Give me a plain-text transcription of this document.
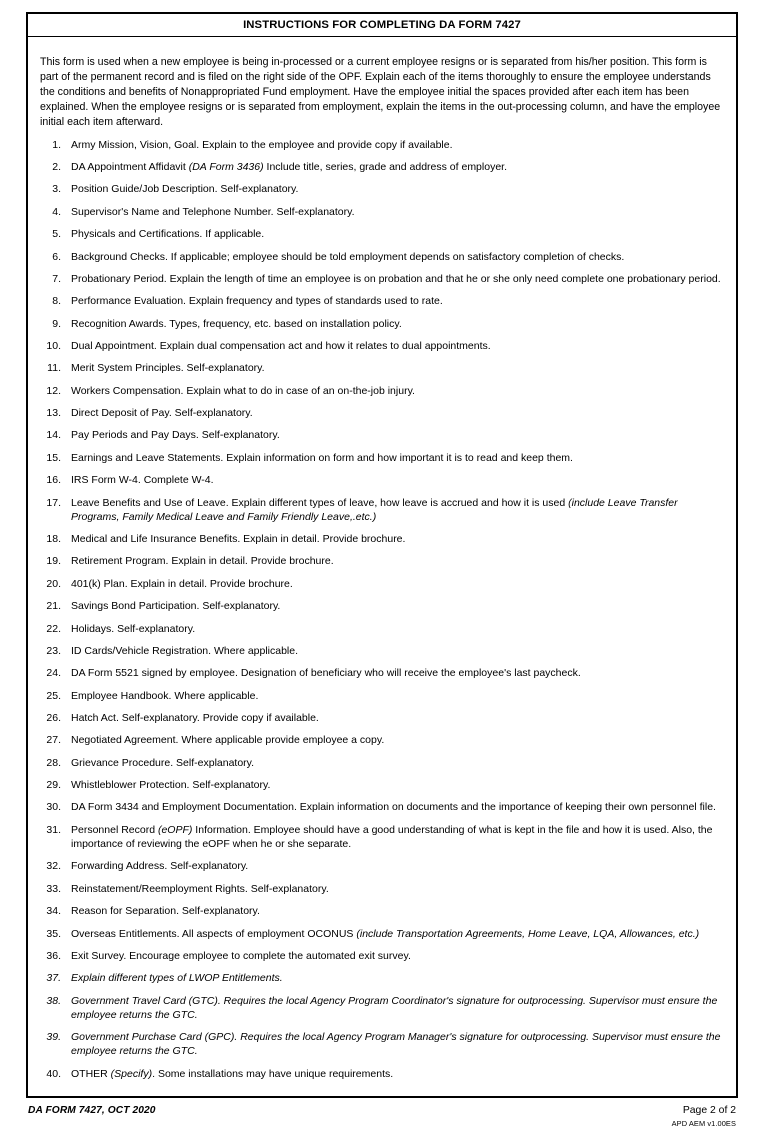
INSTRUCTIONS FOR COMPLETING DA FORM 7427

This form is used when a new employee is being in-processed or a current employee resigns or is separated from his/her position. This form is part of the permanent record and is filed on the right side of the OPF. Explain each of the items thoroughly to ensure the employee understands the conditions and benefits of Nonappropriated Fund employment. Have the employee initial the spaces provided after each item has been explained. When the employee resigns or is separated from employment, explain the items in the out-processing column, and have the employee initial each item afterward.

1. Army Mission, Vision, Goal. Explain to the employee and provide copy if available.
2. DA Appointment Affidavit (DA Form 3436) Include title, series, grade and address of employer.
3. Position Guide/Job Description. Self-explanatory.
4. Supervisor's Name and Telephone Number. Self-explanatory.
5. Physicals and Certifications. If applicable.
6. Background Checks. If applicable; employee should be told employment depends on satisfactory completion of checks.
7. Probationary Period. Explain the length of time an employee is on probation and that he or she only need complete one probationary period.
8. Performance Evaluation. Explain frequency and types of standards used to rate.
9. Recognition Awards. Types, frequency, etc. based on installation policy.
10. Dual Appointment. Explain dual compensation act and how it relates to dual appointments.
11. Merit System Principles. Self-explanatory.
12. Workers Compensation. Explain what to do in case of an on-the-job injury.
13. Direct Deposit of Pay. Self-explanatory.
14. Pay Periods and Pay Days. Self-explanatory.
15. Earnings and Leave Statements. Explain information on form and how important it is to read and keep them.
16. IRS Form W-4. Complete W-4.
17. Leave Benefits and Use of Leave. Explain different types of leave, how leave is accrued and how it is used (include Leave Transfer Programs, Family Medical Leave and Family Friendly Leave,.etc.)
18. Medical and Life Insurance Benefits. Explain in detail. Provide brochure.
19. Retirement Program. Explain in detail. Provide brochure.
20. 401(k) Plan. Explain in detail. Provide brochure.
21. Savings Bond Participation. Self-explanatory.
22. Holidays. Self-explanatory.
23. ID Cards/Vehicle Registration. Where applicable.
24. DA Form 5521 signed by employee. Designation of beneficiary who will receive the employee's last paycheck.
25. Employee Handbook. Where applicable.
26. Hatch Act. Self-explanatory. Provide copy if available.
27. Negotiated Agreement. Where applicable provide employee a copy.
28. Grievance Procedure. Self-explanatory.
29. Whistleblower Protection. Self-explanatory.
30. DA Form 3434 and Employment Documentation. Explain information on documents and the importance of keeping their own personnel file.
31. Personnel Record (eOPF) Information. Employee should have a good understanding of what is kept in the file and how it is used. Also, the importance of reviewing the eOPF when he or she separate.
32. Forwarding Address. Self-explanatory.
33. Reinstatement/Reemployment Rights. Self-explanatory.
34. Reason for Separation. Self-explanatory.
35. Overseas Entitlements. All aspects of employment OCONUS (include Transportation Agreements, Home Leave, LQA, Allowances, etc.)
36. Exit Survey. Encourage employee to complete the automated exit survey.
37. Explain different types of LWOP Entitlements.
38. Government Travel Card (GTC). Requires the local Agency Program Coordinator's signature for outprocessing. Supervisor must ensure the employee returns the GTC.
39. Government Purchase Card (GPC). Requires the local Agency Program Manager's signature for outprocessing. Supervisor must ensure the employee returns the GTC.
40. OTHER (Specify). Some installations may have unique requirements.
DA FORM 7427, OCT 2020	Page 2 of 2
APD AEM v1.00ES
